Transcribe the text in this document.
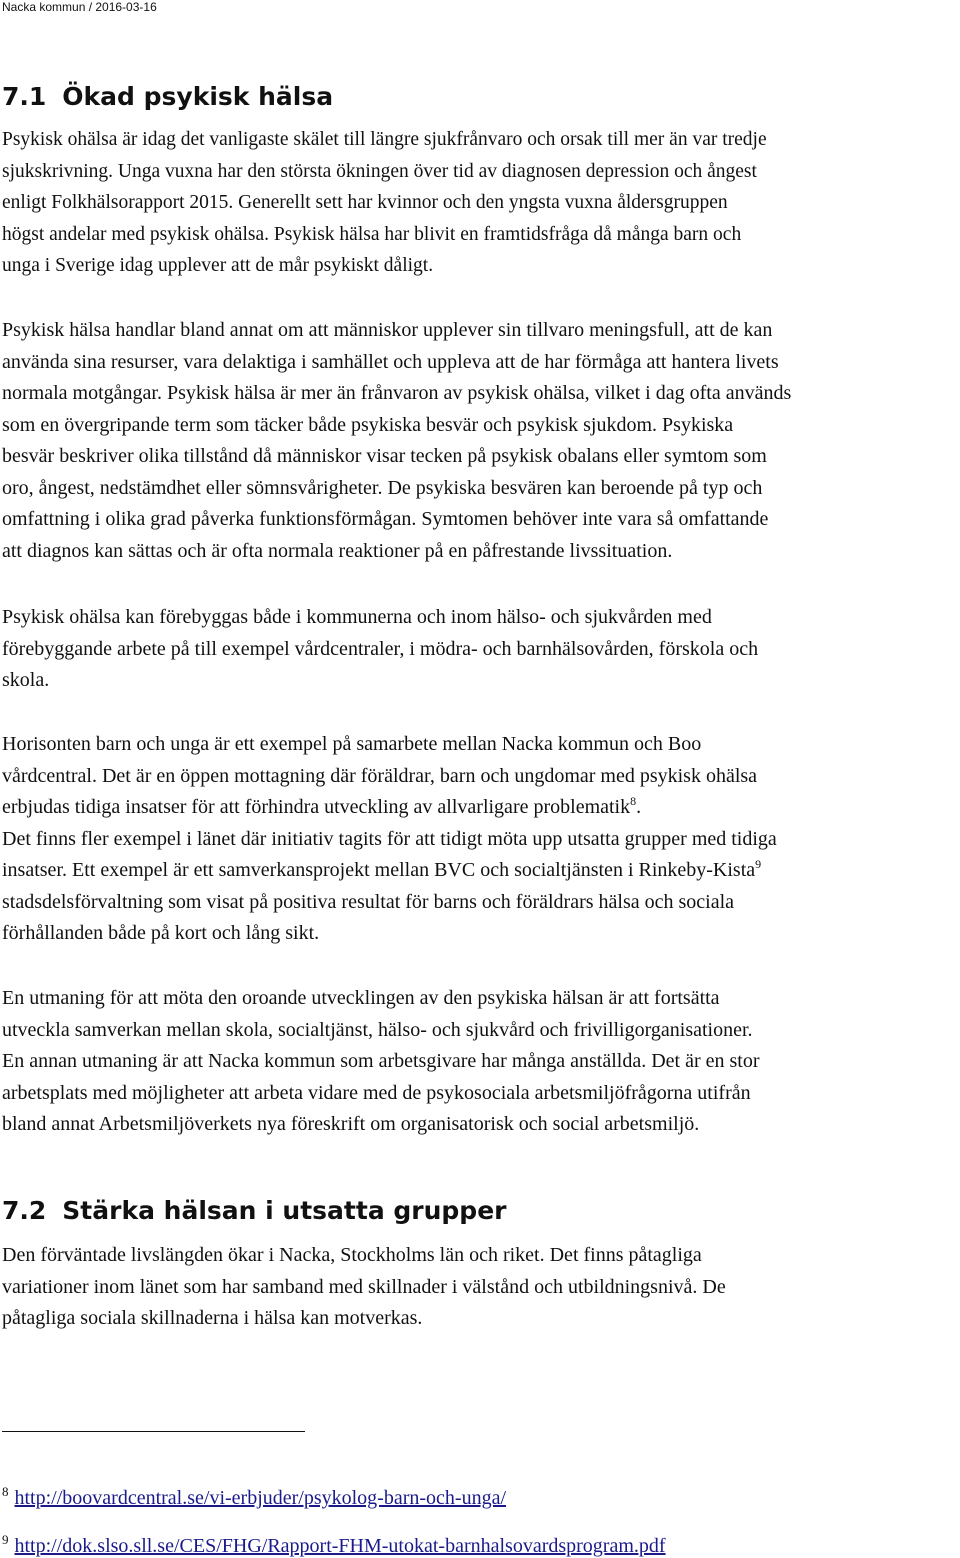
Nacka kommun / 2016-03-16
7.1 Ökad psykisk hälsa

Psykisk ohälsa är idag det vanligaste skälet till längre sjukfrånvaro och orsak till mer än var tredje
sjukskrivning. Unga vuxna har den största ökningen över tid av diagnosen depression och ångest
enligt Folkhälsorapport 2015. Generellt sett har kvinnor och den yngsta vuxna åldersgruppen
högst andelar med psykisk ohälsa. Psykisk hälsa har blivit en framtidsfråga då många barn och
unga i Sverige idag upplever att de mår psykiskt dåligt.

Psykisk hälsa handlar bland annat om att människor upplever sin tillvaro meningsfull, att de kan
använda sina resurser, vara delaktiga i samhället och uppleva att de har förmåga att hantera livets
normala motgångar. Psykisk hälsa är mer än frånvaron av psykisk ohälsa, vilket i dag ofta används
som en övergripande term som täcker både psykiska besvär och psykisk sjukdom. Psykiska
besvär beskriver olika tillstånd då människor visar tecken på psykisk obalans eller symtom som
oro, ångest, nedstämdhet eller sömnsvårigheter. De psykiska besvären kan beroende på typ och
omfattning i olika grad påverka funktionsförmågan. Symtomen behöver inte vara så omfattande
att diagnos kan sättas och är ofta normala reaktioner på en påfrestande livssituation.

Psykisk ohälsa kan förebyggas både i kommunerna och inom hälso- och sjukvården med
förebyggande arbete på till exempel vårdcentraler, i mödra- och barnhälsovården, förskola och
skola.

Horisonten barn och unga är ett exempel på samarbete mellan Nacka kommun och Boo
vårdcentral. Det är en öppen mottagning där föräldrar, barn och ungdomar med psykisk ohälsa
erbjudas tidiga insatser för att förhindra utveckling av allvarligare problematik$^8$.
Det finns fler exempel i länet där initiativ tagits för att tidigt möta upp utsatta grupper med tidiga
insatser. Ett exempel är ett samverkansprojekt mellan BVC och socialtjänsten i Rinkeby-Kista$^9$
stadsdelsförvaltning som visat på positiva resultat för barns och föräldrars hälsa och sociala
förhållanden både på kort och lång sikt.

En utmaning för att möta den oroande utvecklingen av den psykiska hälsan är att fortsätta
utveckla samverkan mellan skola, socialtjänst, hälso- och sjukvård och frivilligorganisationer.
En annan utmaning är att Nacka kommun som arbetsgivare har många anställda. Det är en stor
arbetsplats med möjligheter att arbeta vidare med de psykosociala arbetsmiljöfrågorna utifrån
bland annat Arbetsmiljöverkets nya föreskrift om organisatorisk och social arbetsmiljö.

7.2 Stärka hälsan i utsatta grupper

Den förväntade livslängden ökar i Nacka, Stockholms län och riket. Det finns påtagliga
variationer inom länet som har samband med skillnader i välstånd och utbildningsnivå. De
påtagliga sociala skillnaderna i hälsa kan motverkas.

$^8$ http://boovardcentral.se/vi-erbjuder/psykolog-barn-och-unga/
$^9$ http://dok.slso.sll.se/CES/FHG/Rapport-FHM-utokat-barnhalsovardsprogram.pdf
